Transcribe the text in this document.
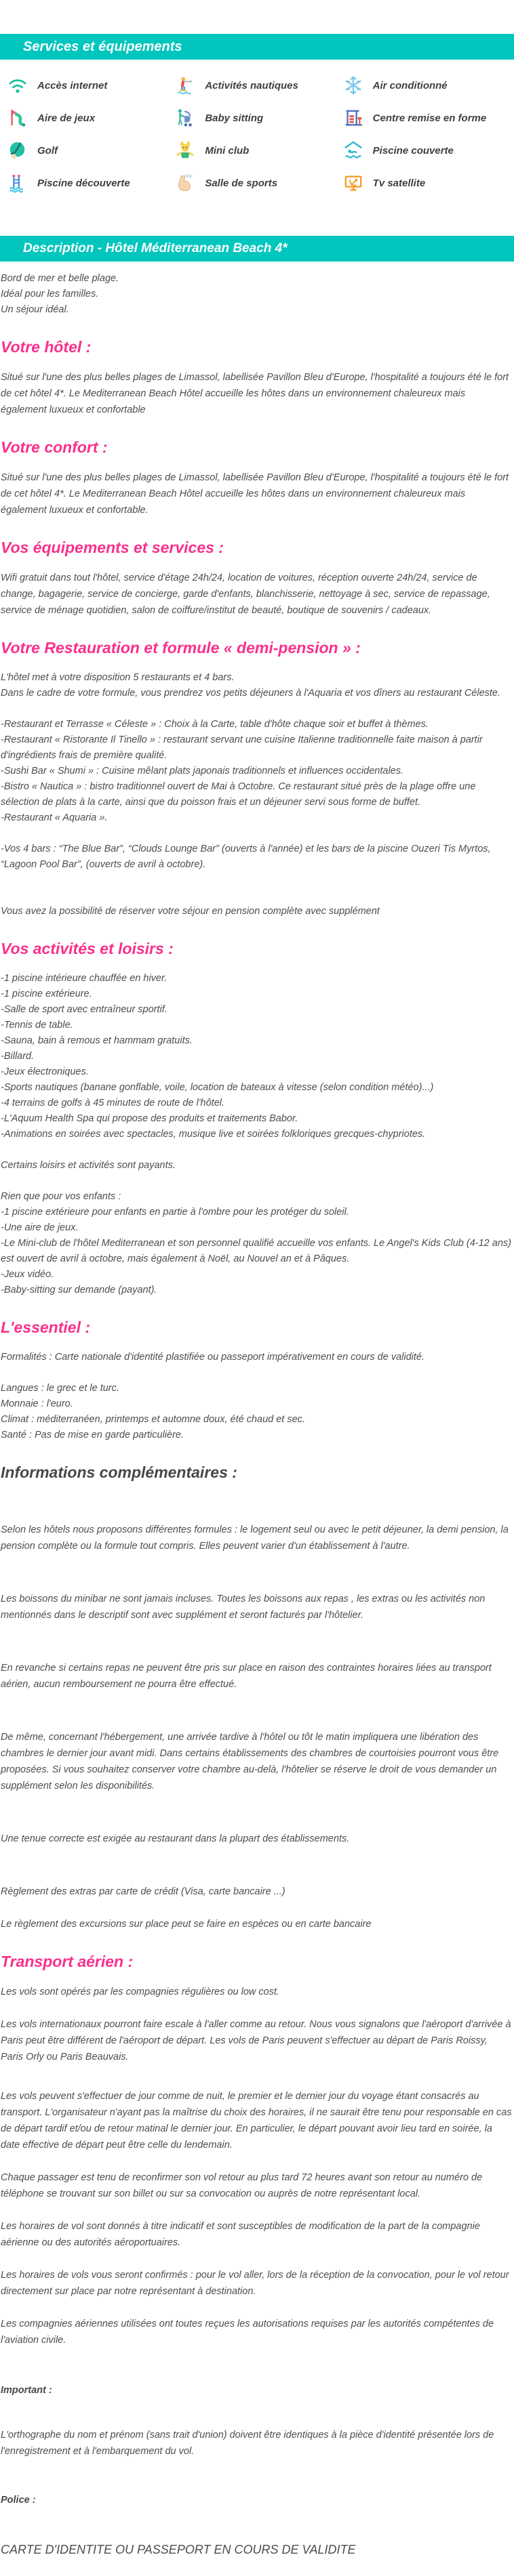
Services et équipements
Accès internet	Activités nautiques	Air conditionné
Aire de jeux	Baby sitting	Centre remise en forme
Golf	Mini club	Piscine couverte
Piscine découverte	Salle de sports	Tv satellite
Description - Hôtel Méditerranean Beach 4*
Bord de mer et belle plage.
Idéal pour les familles.
Un séjour idéal.
Votre hôtel :

Situé sur l'une des plus belles plages de Limassol, labellisée Pavillon Bleu d'Europe, l'hospitalité a toujours été le fort de cet hôtel 4*. Le Mediterranean Beach Hôtel accueille les hôtes dans un environnement chaleureux mais également luxueux et confortable

Votre confort :

Situé sur l'une des plus belles plages de Limassol, labellisée Pavillon Bleu d'Europe, l'hospitalité a toujours été le fort de cet hôtel 4*. Le Mediterranean Beach Hôtel accueille les hôtes dans un environnement chaleureux mais également luxueux et confortable.

Vos équipements et services :

Wifi gratuit dans tout l'hôtel, service d'étage 24h/24, location de voitures, réception ouverte 24h/24, service de change, bagagerie, service de concierge, garde d'enfants, blanchisserie, nettoyage à sec, service de repassage, service de ménage quotidien, salon de coiffure/institut de beauté, boutique de souvenirs / cadeaux.

Votre Restauration et formule « demi-pension » :
L'hôtel met à votre disposition 5 restaurants et 4 bars.
Dans le cadre de votre formule, vous prendrez vos petits déjeuners à l'Aquaria et vos dîners au restaurant Céleste.

-Restaurant et Terrasse « Céleste » : Choix à la Carte, table d'hôte chaque soir et buffet à thèmes.
-Restaurant « Ristorante Il Tinello » : restaurant servant une cuisine Italienne traditionnelle faite maison à partir d'ingrédients frais de première qualité.
-Sushi Bar « Shumi » : Cuisine mêlant plats japonais traditionnels et influences occidentales.
-Bistro « Nautica » : bistro traditionnel ouvert de Mai à Octobre. Ce restaurant situé près de la plage offre une sélection de plats à la carte, ainsi que du poisson frais et un déjeuner servi sous forme de buffet.
-Restaurant « Aquaria ».

-Vos 4 bars : “The Blue Bar”, “Clouds Lounge Bar” (ouverts à l'année) et les bars de la piscine Ouzeri Tis Myrtos, “Lagoon Pool Bar”, (ouverts de avril à octobre).

Vous avez la possibilité de réserver votre séjour en pension complète avec supplément
Vos activités et loisirs :
-1 piscine intérieure chauffée en hiver.
-1 piscine extérieure.
-Salle de sport avec entraîneur sportif.
-Tennis de table.
-Sauna, bain à remous et hammam gratuits.
-Billard.
-Jeux électroniques.
-Sports nautiques (banane gonflable, voile, location de bateaux à vitesse (selon condition météo)...)
-4 terrains de golfs à 45 minutes de route de l'hôtel.
-L'Aquum Health Spa qui propose des produits et traitements Babor.
-Animations en soirées avec spectacles, musique live et soirées folkloriques grecques-chypriotes.

Certains loisirs et activités sont payants.

Rien que pour vos enfants :
-1 piscine extérieure pour enfants en partie à l'ombre pour les protéger du soleil.
-Une aire de jeux.
-Le Mini-club de l'hôtel Mediterranean et son personnel qualifié accueille vos enfants. Le Angel's Kids Club (4-12 ans) est ouvert de avril à octobre, mais également à Noël, au Nouvel an et à Pâques.
-Jeux vidéo.
-Baby-sitting sur demande (payant).
L'essentiel :
Formalités : Carte nationale d'identité plastifiée ou passeport impérativement en cours de validité.

Langues : le grec et le turc.
Monnaie : l'euro.
Climat : méditerranéen, printemps et automne doux, été chaud et sec.
Santé : Pas de mise en garde particulière.
Informations complémentaires :

Selon les hôtels nous proposons différentes formules : le logement seul ou avec le petit déjeuner, la demi pension, la pension complète ou la formule tout compris. Elles peuvent varier d'un établissement à l'autre.

Les boissons du minibar ne sont jamais incluses. Toutes les boissons aux repas , les extras ou les activités non mentionnés dans le descriptif sont avec supplément et seront facturés par l'hôtelier.

En revanche si certains repas ne peuvent être pris sur place en raison des contraintes horaires liées au transport aérien, aucun remboursement ne pourra être effectué.

De même, concernant l'hébergement, une arrivée tardive à l'hôtel ou tôt le matin impliquera une libération des chambres le dernier jour avant midi. Dans certains établissements des chambres de courtoisies pourront vous être proposées. Si vous souhaitez conserver votre chambre au-delà, l'hôtelier se réserve le droit de vous demander un supplément selon les disponibilités.

Une tenue correcte est exigée au restaurant dans la plupart des établissements.

Règlement des extras par carte de crédit (Visa, carte bancaire ...)

Le règlement des excursions sur place peut se faire en espèces ou en carte bancaire

Transport aérien :

Les vols sont opérés par les compagnies régulières ou low cost.

Les vols internationaux pourront faire escale à l'aller comme au retour. Nous vous signalons que l'aéroport d'arrivée à Paris peut être différent de l'aéroport de départ. Les vols de Paris peuvent s'effectuer au départ de Paris Roissy, Paris Orly ou Paris Beauvais.

Les vols peuvent s'effectuer de jour comme de nuit, le premier et le dernier jour du voyage étant consacrés au transport. L'organisateur n'ayant pas la maîtrise du choix des horaires, il ne saurait être tenu pour responsable en cas de départ tardif et/ou de retour matinal le dernier jour. En particulier, le départ pouvant avoir lieu tard en soirée, la date effective de départ peut être celle du lendemain.

Chaque passager est tenu de reconfirmer son vol retour au plus tard 72 heures avant son retour au numéro de téléphone se trouvant sur son billet ou sur sa convocation ou auprès de notre représentant local.

Les horaires de vol sont donnés à titre indicatif et sont susceptibles de modification de la part de la compagnie aérienne ou des autorités aéroportuaires.

Les horaires de vols vous seront confirmés : pour le vol aller, lors de la réception de la convocation, pour le vol retour directement sur place par notre représentant à destination.

Les compagnies aériennes utilisées ont toutes reçues les autorisations requises par les autorités compétentes de l'aviation civile.

Important :

L'orthographe du nom et prénom (sans trait d'union) doivent être identiques à la pièce d'identité présentée lors de l'enregistrement et à l'embarquement du vol.

Police :

CARTE D'IDENTITE OU PASSEPORT EN COURS DE VALIDITE
